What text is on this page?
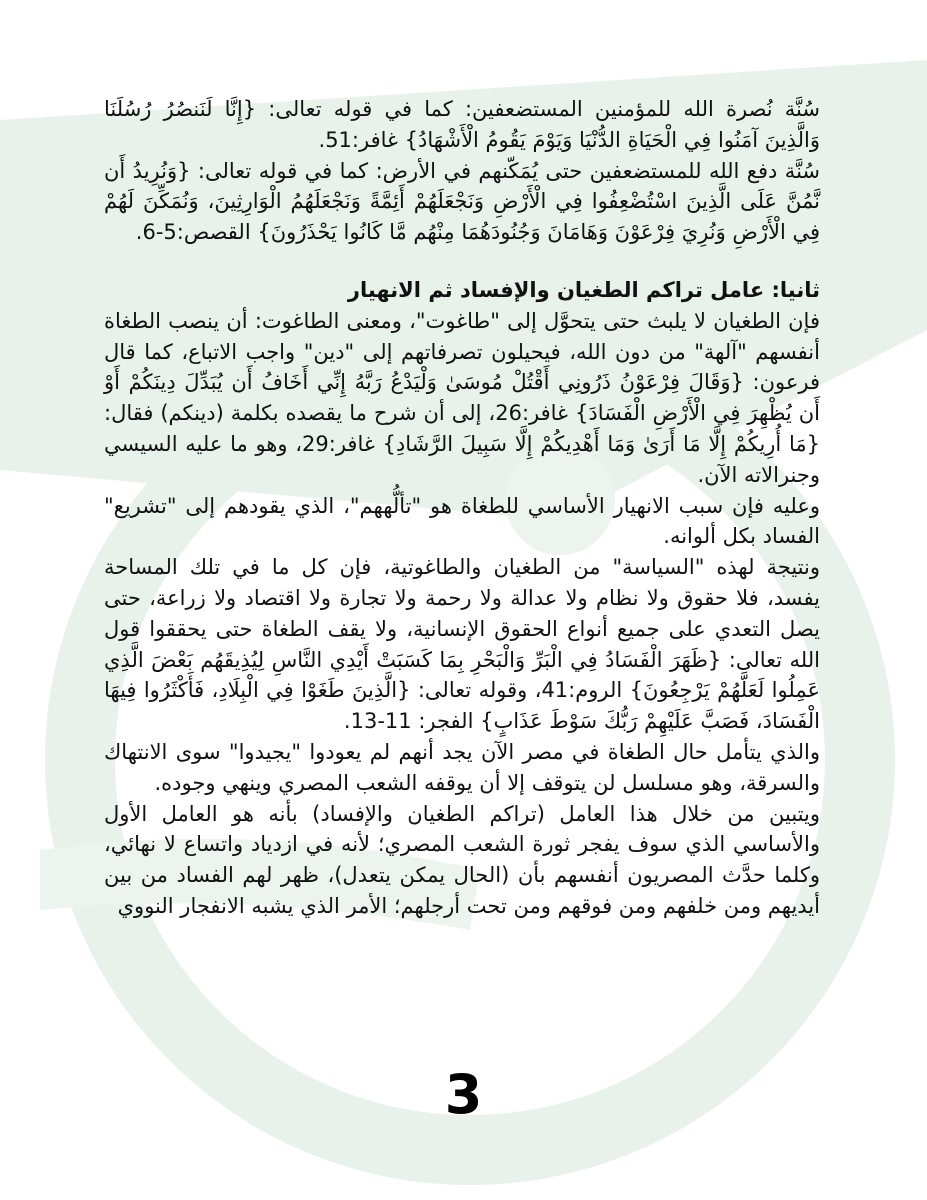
سُنَّة نُصرة الله للمؤمنين المستضعفين: كما في قوله تعالى: {إِنَّا لَنَنصُرُ رُسُلَنَا وَالَّذِينَ آمَنُوا فِي الْحَيَاةِ الدُّنْيَا وَيَوْمَ يَقُومُ الْأَشْهَادُ} غافر:51.

سُنَّة دفع الله للمستضعفين حتى يُمَكّنهم في الأرض: كما في قوله تعالى: {وَنُرِيدُ أَن نَّمُنَّ عَلَى الَّذِينَ اسْتُضْعِفُوا فِي الْأَرْضِ وَنَجْعَلَهُمْ أَئِمَّةً وَنَجْعَلَهُمُ الْوَارِثِينَ، وَنُمَكِّنَ لَهُمْ فِي الْأَرْضِ وَنُرِيَ فِرْعَوْنَ وَهَامَانَ وَجُنُودَهُمَا مِنْهُم مَّا كَانُوا يَحْذَرُونَ} القصص:5-6.

ثانيا: عامل تراكم الطغيان والإفساد ثم الانهيار

فإن الطغيان لا يلبث حتى يتحوَّل إلى "طاغوت"، ومعنى الطاغوت: أن ينصب الطغاة أنفسهم "آلهة" من دون الله، فيحيلون تصرفاتهم إلى "دين" واجب الاتباع، كما قال فرعون: {وَقَالَ فِرْعَوْنُ ذَرُونِي أَقْتُلْ مُوسَىٰ وَلْيَدْعُ رَبَّهُ إِنِّي أَخَافُ أَن يُبَدِّلَ دِينَكُمْ أَوْ أَن يُظْهِرَ فِي الْأَرْضِ الْفَسَادَ} غافر:26، إلى أن شرح ما يقصده بكلمة (دينكم) فقال: {مَا أُرِيكُمْ إِلَّا مَا أَرَىٰ وَمَا أَهْدِيكُمْ إِلَّا سَبِيلَ الرَّشَادِ} غافر:29، وهو ما عليه السيسي وجنرالاته الآن.

وعليه فإن سبب الانهيار الأساسي للطغاة هو "تألُّههم"، الذي يقودهم إلى "تشريع" الفساد بكل ألوانه.

ونتيجة لهذه "السياسة" من الطغيان والطاغوتية، فإن كل ما في تلك المساحة يفسد، فلا حقوق ولا نظام ولا عدالة ولا رحمة ولا تجارة ولا اقتصاد ولا زراعة، حتى يصل التعدي على جميع أنواع الحقوق الإنسانية، ولا يقف الطغاة حتى يحققوا قول الله تعالى: {ظَهَرَ الْفَسَادُ فِي الْبَرِّ وَالْبَحْرِ بِمَا كَسَبَتْ أَيْدِي النَّاسِ لِيُذِيقَهُم بَعْضَ الَّذِي عَمِلُوا لَعَلَّهُمْ يَرْجِعُونَ} الروم:41، وقوله تعالى: {الَّذِينَ طَغَوْا فِي الْبِلَادِ، فَأَكْثَرُوا فِيهَا الْفَسَادَ، فَصَبَّ عَلَيْهِمْ رَبُّكَ سَوْطَ عَذَابٍ} الفجر: 11-13.

والذي يتأمل حال الطغاة في مصر الآن يجد أنهم لم يعودوا "يجيدوا" سوى الانتهاك والسرقة، وهو مسلسل لن يتوقف إلا أن يوقفه الشعب المصري وينهي وجوده.

ويتبين من خلال هذا العامل (تراكم الطغيان والإفساد) بأنه هو العامل الأول والأساسي الذي سوف يفجر ثورة الشعب المصري؛ لأنه في ازدياد واتساع لا نهائي، وكلما حدَّث المصريون أنفسهم بأن (الحال يمكن يتعدل)، ظهر لهم الفساد من بين أيديهم ومن خلفهم ومن فوقهم ومن تحت أرجلهم؛ الأمر الذي يشبه الانفجار النووي

3
